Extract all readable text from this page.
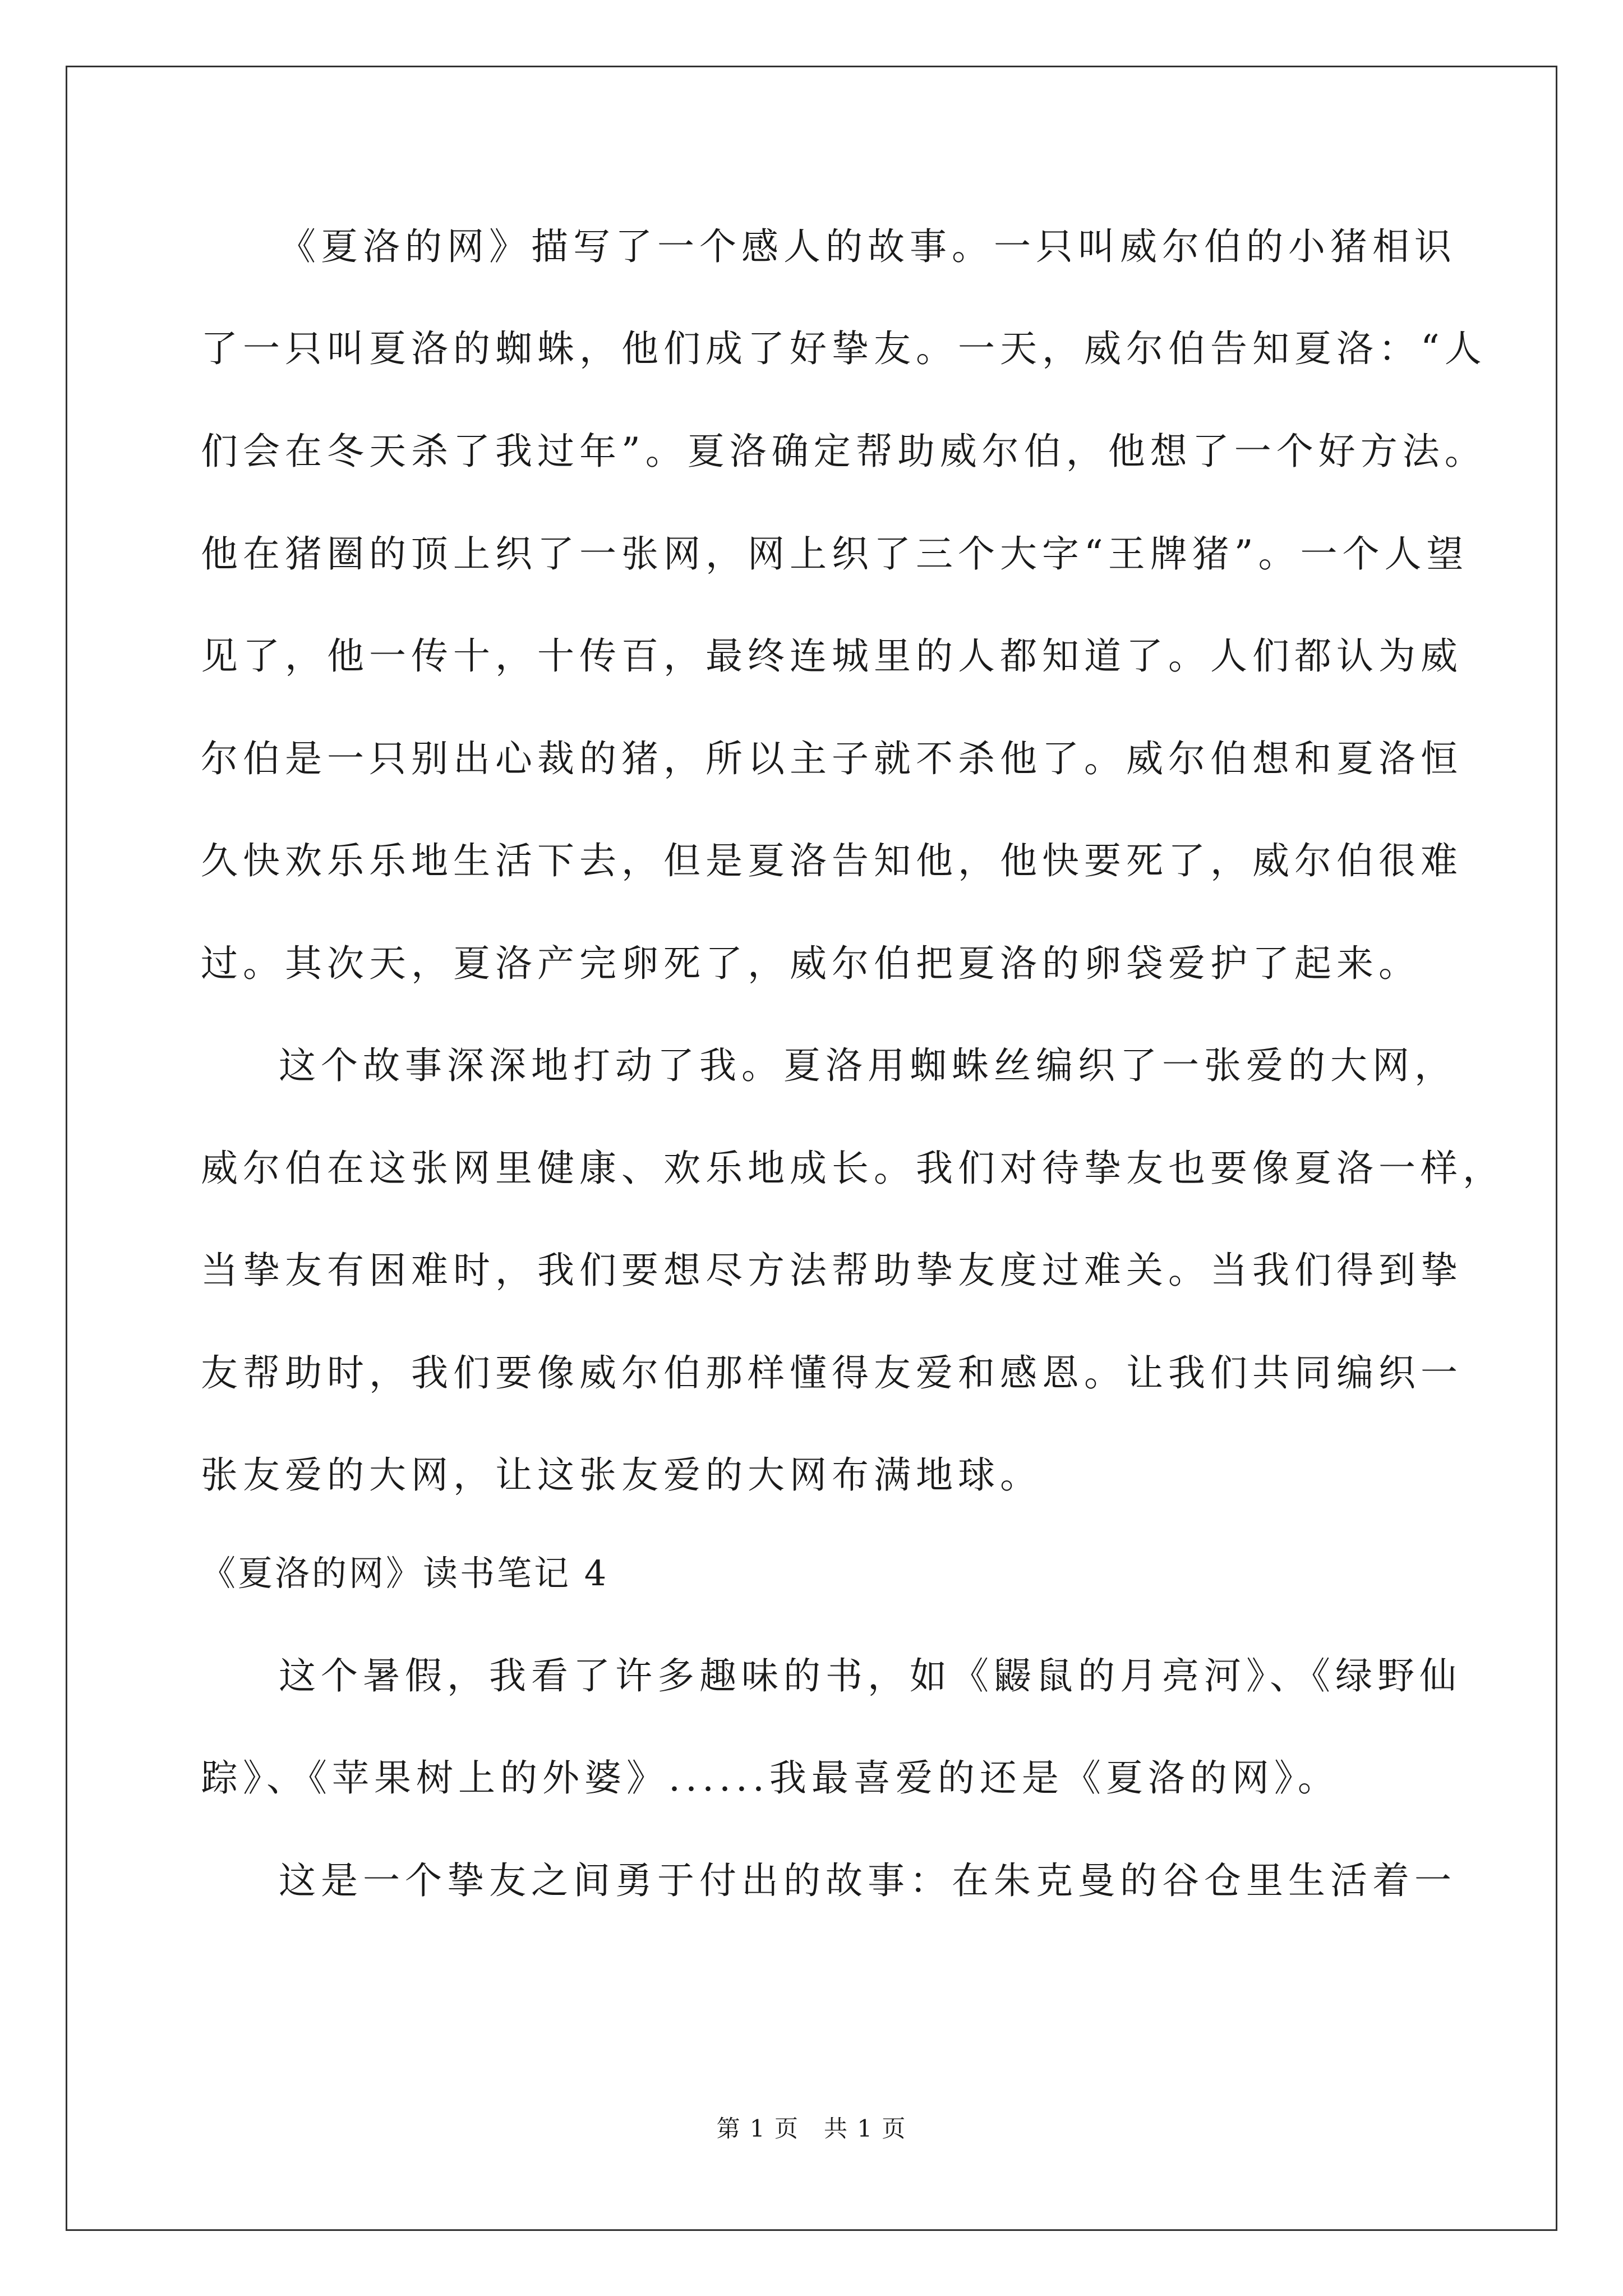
《夏洛的网》描写了一个感人的故事。一只叫威尔伯的小猪相识
了一只叫夏洛的蜘蛛，他们成了好挚友。一天，威尔伯告知夏洛：“人
们会在冬天杀了我过年”。夏洛确定帮助威尔伯，他想了一个好方法。
他在猪圈的顶上织了一张网，网上织了三个大字“王牌猪”。一个人望
见了，他一传十，十传百，最终连城里的人都知道了。人们都认为威
尔伯是一只别出心裁的猪，所以主子就不杀他了。威尔伯想和夏洛恒
久快欢乐乐地生活下去，但是夏洛告知他，他快要死了，威尔伯很难
过。其次天，夏洛产完卵死了，威尔伯把夏洛的卵袋爱护了起来。
这个故事深深地打动了我。夏洛用蜘蛛丝编织了一张爱的大网，
威尔伯在这张网里健康、欢乐地成长。我们对待挚友也要像夏洛一样，
当挚友有困难时，我们要想尽方法帮助挚友度过难关。当我们得到挚
友帮助时，我们要像威尔伯那样懂得友爱和感恩。让我们共同编织一
张友爱的大网，让这张友爱的大网布满地球。
《夏洛的网》读书笔记 4
这个暑假，我看了许多趣味的书，如《鼹鼠的月亮河》、《绿野仙
踪》、《苹果树上的外婆》......我最喜爱的还是《夏洛的网》。
这是一个挚友之间勇于付出的故事：在朱克曼的谷仓里生活着一
第 1 页　共 1 页
